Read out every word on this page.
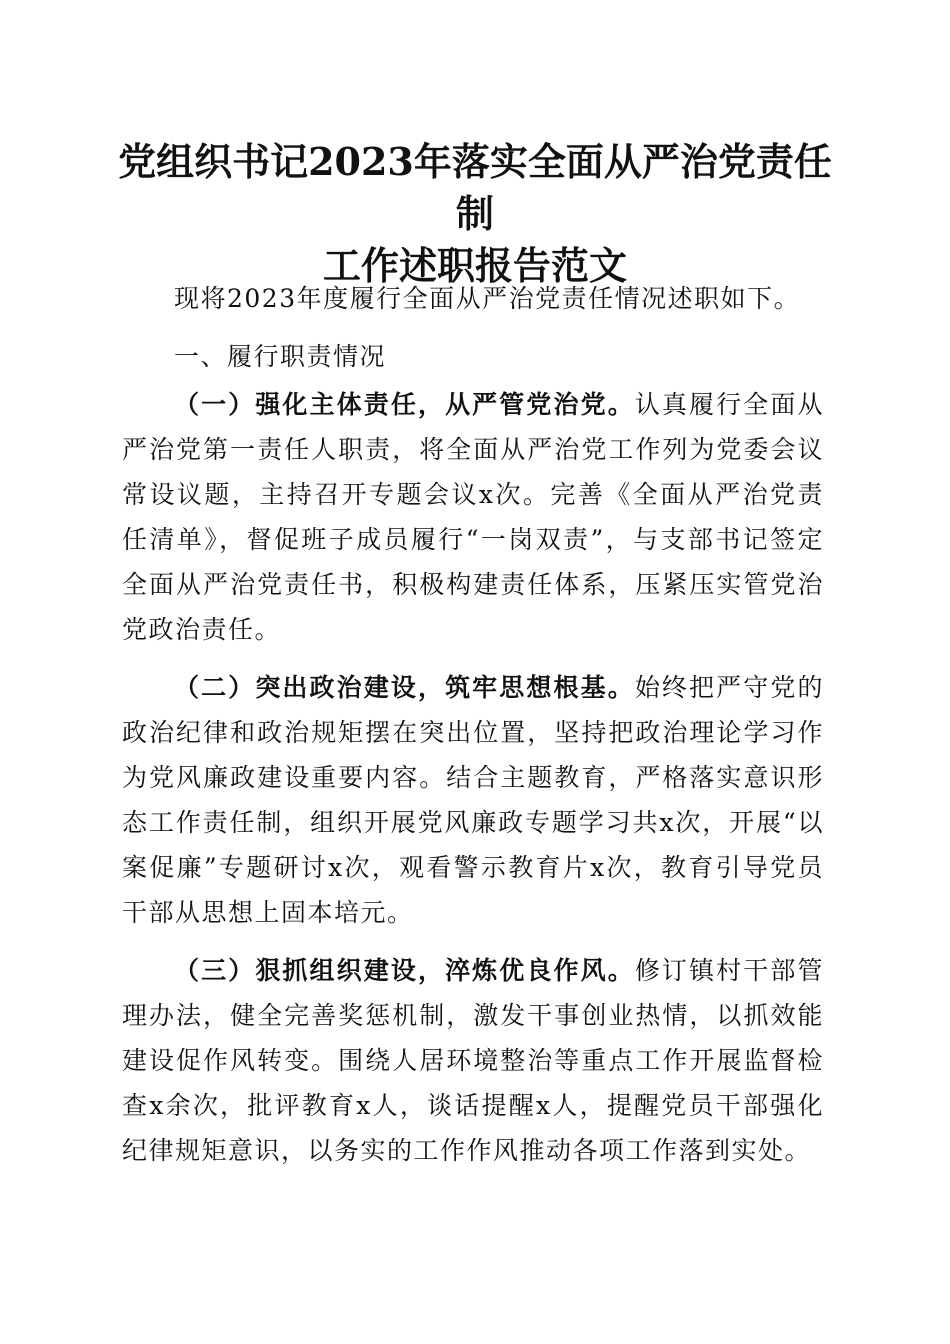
党组织书记2023年落实全面从严治党责任制
工作述职报告范文

现将2023年度履行全面从严治党责任情况述职如下。

一、履行职责情况

（一）强化主体责任，从严管党治党。认真履行全面从严治党第一责任人职责，将全面从严治党工作列为党委会议常设议题，主持召开专题会议x次。完善《全面从严治党责任清单》，督促班子成员履行“一岗双责”，与支部书记签定全面从严治党责任书，积极构建责任体系，压紧压实管党治党政治责任。

（二）突出政治建设，筑牢思想根基。始终把严守党的政治纪律和政治规矩摆在突出位置，坚持把政治理论学习作为党风廉政建设重要内容。结合主题教育，严格落实意识形态工作责任制，组织开展党风廉政专题学习共x次，开展“以案促廉”专题研讨x次，观看警示教育片x次，教育引导党员干部从思想上固本培元。

（三）狠抓组织建设，淬炼优良作风。修订镇村干部管理办法，健全完善奖惩机制，激发干事创业热情，以抓效能建设促作风转变。围绕人居环境整治等重点工作开展监督检查x余次，批评教育x人，谈话提醒x人，提醒党员干部强化纪律规矩意识，以务实的工作作风推动各项工作落到实处。
